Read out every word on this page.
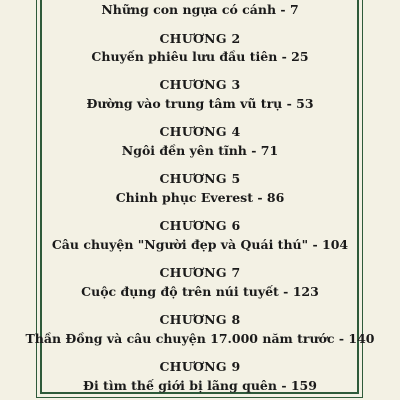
Những con ngựa có cánh - 7
CHƯƠNG 2
Chuyến phiêu lưu đầu tiên - 25
CHƯƠNG 3
Đường vào trung tâm vũ trụ - 53
CHƯƠNG 4
Ngôi đền yên tĩnh - 71
CHƯƠNG 5
Chinh phục Everest - 86
CHƯƠNG 6
Câu chuyện "Người đẹp và Quái thú" - 104
CHƯƠNG 7
Cuộc đụng độ trên núi tuyết - 123
CHƯƠNG 8
Thần Đồng và câu chuyện 17.000 năm trước - 140
CHƯƠNG 9
Đi tìm thế giới bị lãng quên - 159
